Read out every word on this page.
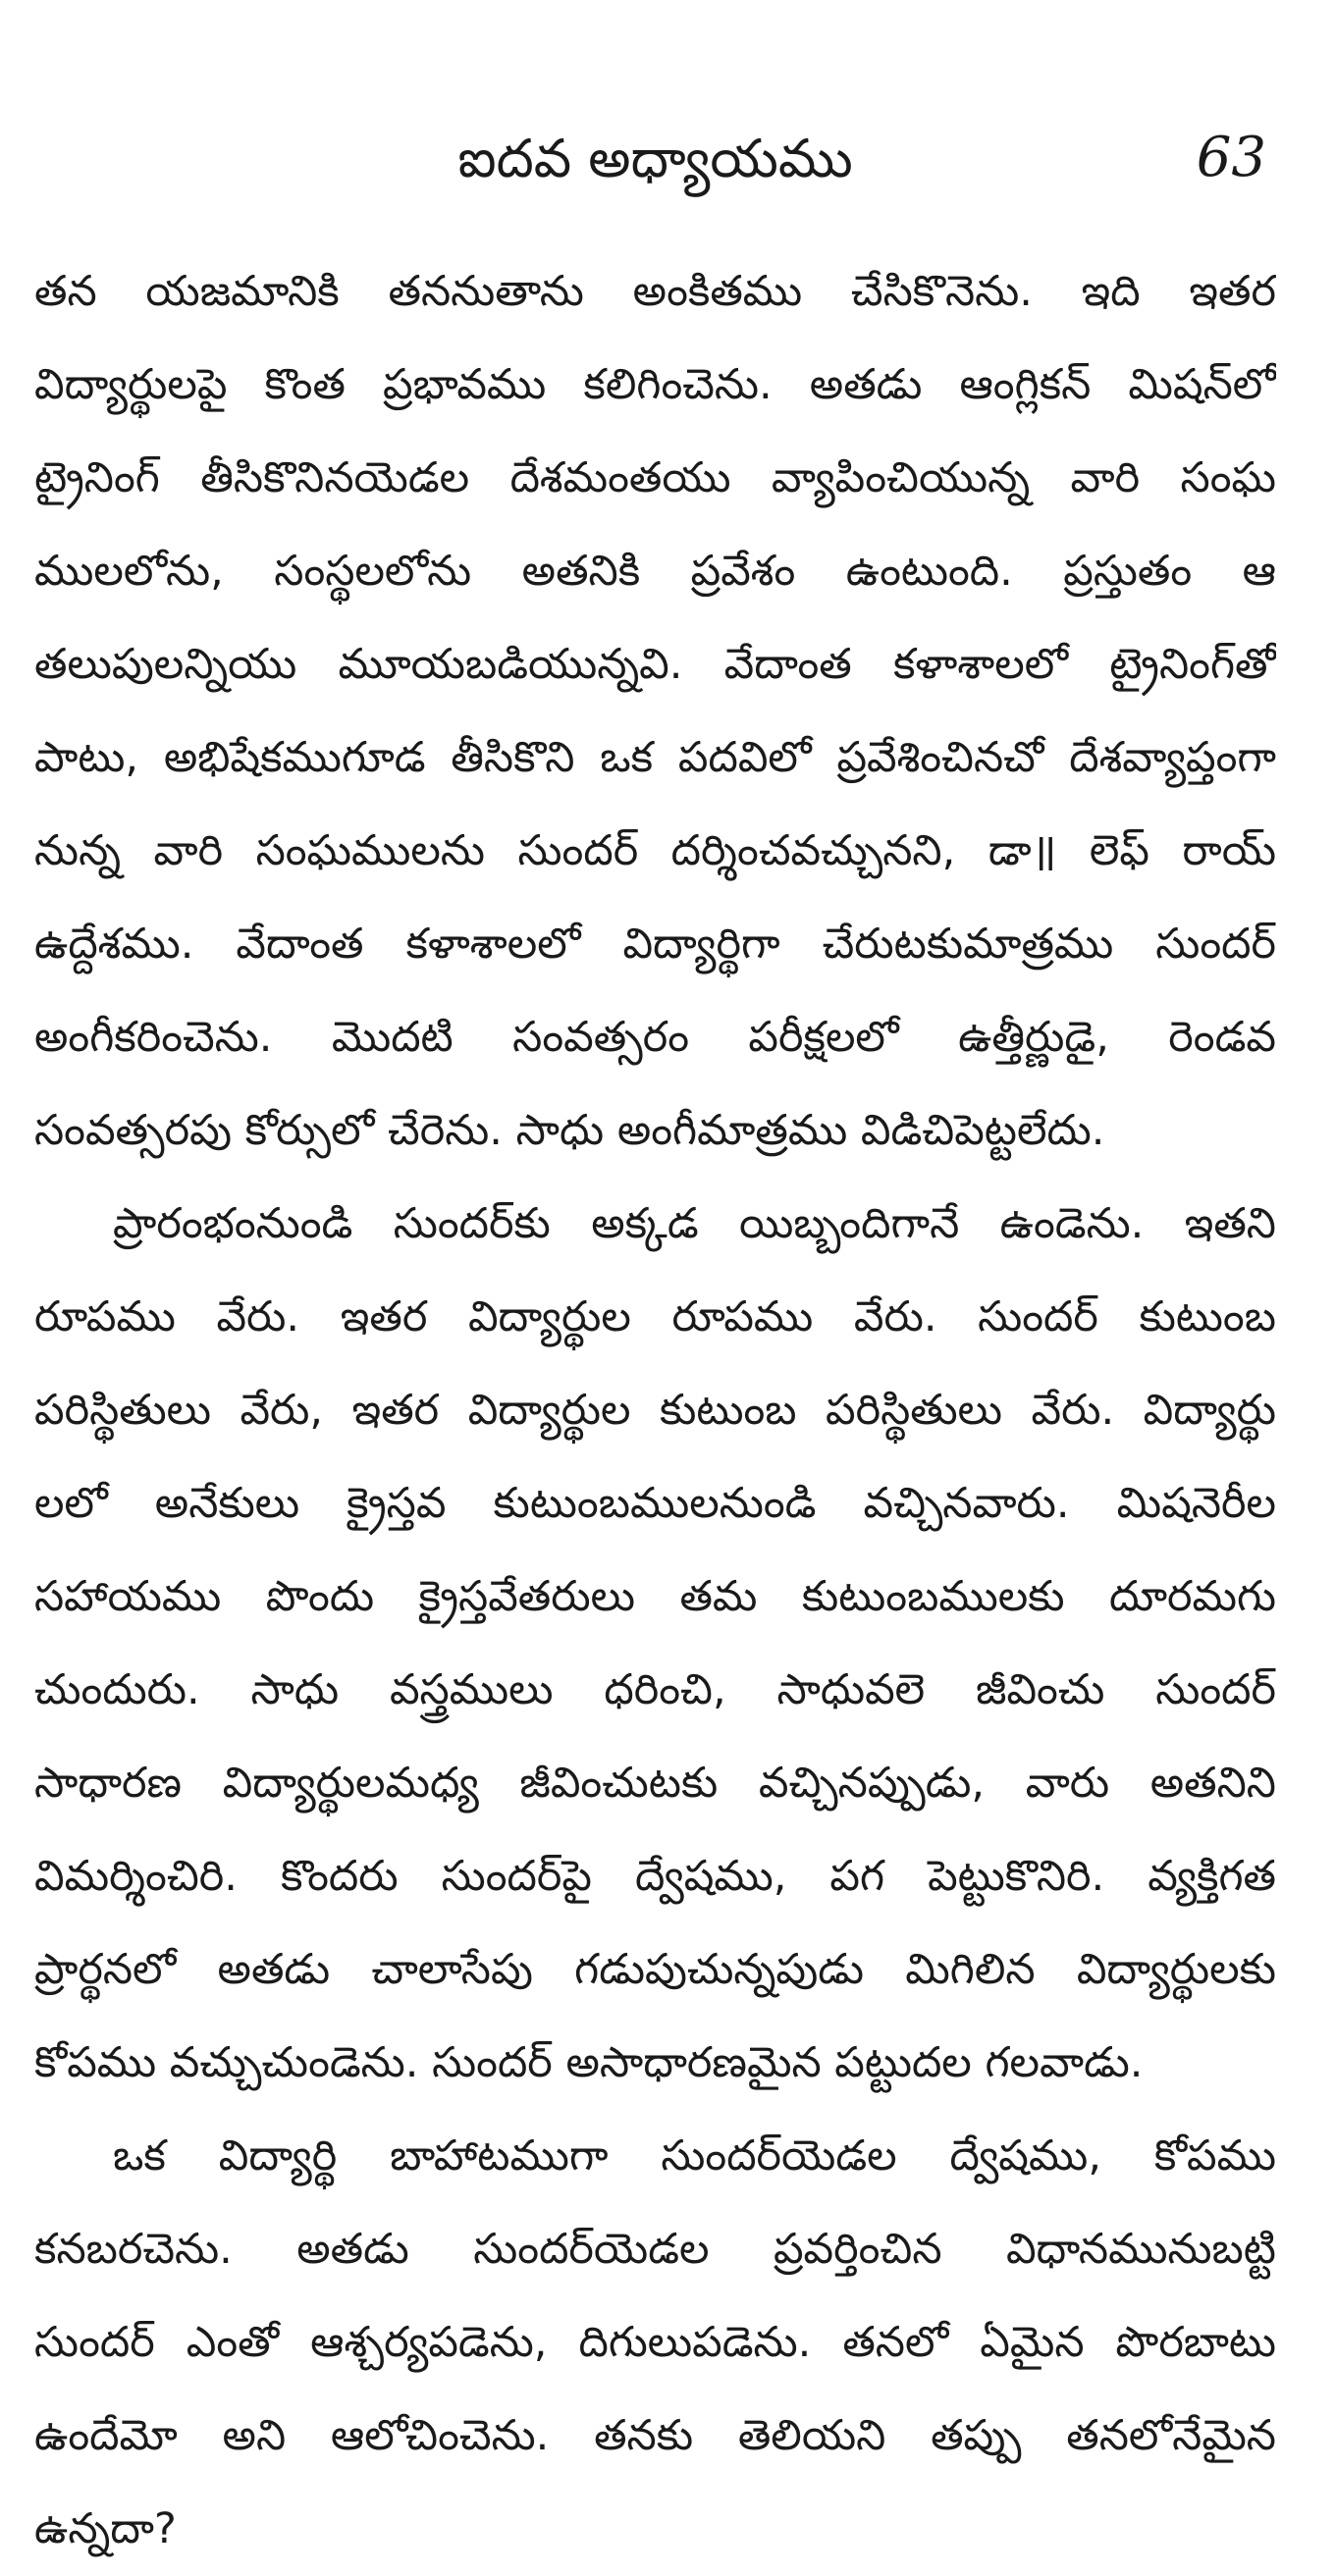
ఐదవ అధ్యాయము	63

తన యజమానికి తననుతాను అంకితము చేసికొనెను. ఇది ఇతర
విద్యార్థులపై కొంత ప్రభావము కలిగించెను. అతడు ఆంగ్లికన్ మిషన్‌లో
ట్రైనింగ్ తీసికొనినయెడల దేశమంతయు వ్యాపించియున్న వారి సంఘ
ములలోను, సంస్థలలోను అతనికి ప్రవేశం ఉంటుంది. ప్రస్తుతం ఆ
తలుపులన్నియు మూయబడియున్నవి. వేదాంత కళాశాలలో ట్రైనింగ్‌తో
పాటు, అభిషేకముగూడ తీసికొని ఒక పదవిలో ప్రవేశించినచో దేశవ్యాప్తంగా
నున్న వారి సంఘములను సుందర్ దర్శించవచ్చునని, డా॥ లెఫ్ రాయ్
ఉద్దేశము. వేదాంత కళాశాలలో విద్యార్థిగా చేరుటకుమాత్రము సుందర్
అంగీకరించెను. మొదటి సంవత్సరం పరీక్షలలో ఉత్తీర్ణుడై, రెండవ
సంవత్సరపు కోర్సులో చేరెను. సాధు అంగీమాత్రము విడిచిపెట్టలేదు.

ప్రారంభంనుండి సుందర్‌కు అక్కడ యిబ్బందిగానే ఉండెను. ఇతని
రూపము వేరు. ఇతర విద్యార్థుల రూపము వేరు. సుందర్ కుటుంబ
పరిస్థితులు వేరు, ఇతర విద్యార్థుల కుటుంబ పరిస్థితులు వేరు. విద్యార్థు
లలో అనేకులు క్రైస్తవ కుటుంబములనుండి వచ్చినవారు. మిషనెరీల
సహాయము పొందు క్రైస్తవేతరులు తమ కుటుంబములకు దూరమగు
చుందురు. సాధు వస్త్రములు ధరించి, సాధువలె జీవించు సుందర్
సాధారణ విద్యార్థులమధ్య జీవించుటకు వచ్చినప్పుడు, వారు అతనిని
విమర్శించిరి. కొందరు సుందర్‌పై ద్వేషము, పగ పెట్టుకొనిరి. వ్యక్తిగత
ప్రార్థనలో అతడు చాలాసేపు గడుపుచున్నపుడు మిగిలిన విద్యార్థులకు
కోపము వచ్చుచుండెను. సుందర్ అసాధారణమైన పట్టుదల గలవాడు.

ఒక విద్యార్థి బాహాటముగా సుందర్‌యెడల ద్వేషము, కోపము
కనబరచెను. అతడు సుందర్‌యెడల ప్రవర్తించిన విధానమునుబట్టి
సుందర్ ఎంతో ఆశ్చర్యపడెను, దిగులుపడెను. తనలో ఏమైన పొరబాటు
ఉందేమో అని ఆలోచించెను. తనకు తెలియని తప్పు తనలోనేమైన
ఉన్నదా?
